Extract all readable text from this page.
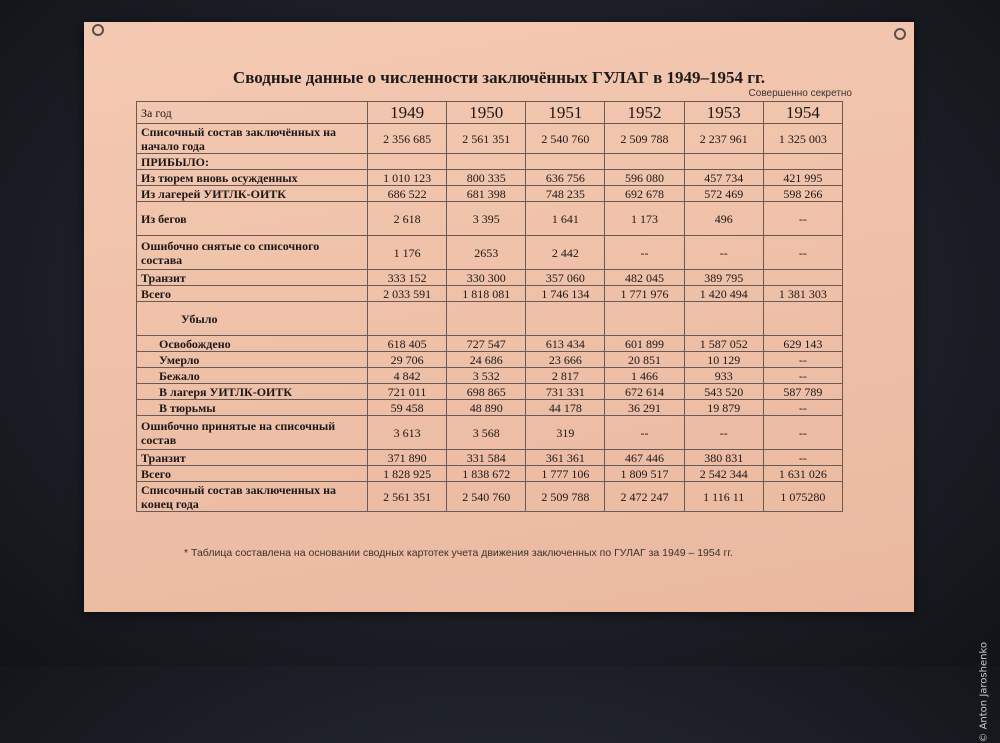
Сводные данные о численности заключённых ГУЛАГ в 1949–1954 гг.
Совершенно секретно
За год	1949	1950	1951	1952	1953	1954
Списочный состав заключённых на начало года	2 356 685	2 561 351	2 540 760	2 509 788	2 237 961	1 325 003
ПРИБЫЛО:						
Из тюрем вновь осужденных	1 010 123	800 335	636 756	596 080	457 734	421 995
Из лагерей УИТЛК-ОИТК	686 522	681 398	748 235	692 678	572 469	598 266
Из бегов	2 618	3 395	1 641	1 173	496	--
Ошибочно снятые со списочного состава	1 176	2653	2 442	--	--	--
Транзит	333 152	330 300	357 060	482 045	389 795	
Всего	2 033 591	1 818 081	1 746 134	1 771 976	1 420 494	1 381 303
Убыло						
Освобождено	618 405	727 547	613 434	601 899	1 587 052	629 143
Умерло	29 706	24 686	23 666	20 851	10 129	--
Бежало	4 842	3 532	2 817	1 466	933	--
В лагеря УИТЛК-ОИТК	721 011	698 865	731 331	672 614	543 520	587 789
В тюрьмы	59 458	48 890	44 178	36 291	19 879	--
Ошибочно принятые на списочный состав	3 613	3 568	319	--	--	--
Транзит	371 890	331 584	361 361	467 446	380 831	--
Всего	1 828 925	1 838 672	1 777 106	1 809 517	2 542 344	1 631 026
Списочный состав заключенных на конец года	2 561 351	2 540 760	2 509 788	2 472 247	1 116 11	1 075280
* Таблица составлена на основании сводных картотек учета движения заключенных по ГУЛАГ за 1949 – 1954 гг.
© Anton Jaroshenko
